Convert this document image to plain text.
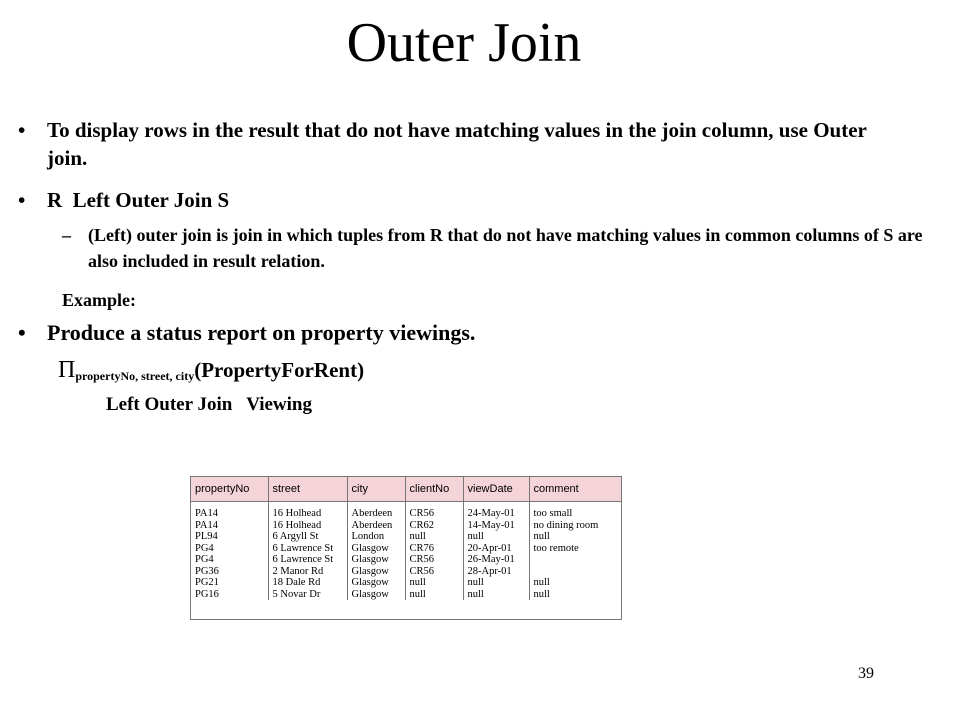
Outer Join
• To display rows in the result that do not have matching values in the join column, use Outer join.
• R  Left Outer Join S
– (Left) outer join is join in which tuples from R that do not have matching values in common columns of S are also included in result relation.
Example:
• Produce a status report on property viewings.
$\Pi_{propertyNo, street, city}(PropertyForRent)$
Left Outer Join   Viewing
propertyNo	street	city	clientNo	viewDate	comment
PA14	16 Holhead	Aberdeen	CR56	24-May-01	too small
PA14	16 Holhead	Aberdeen	CR62	14-May-01	no dining room
PL94	6 Argyll St	London	null	null	null
PG4	6 Lawrence St	Glasgow	CR76	20-Apr-01	too remote
PG4	6 Lawrence St	Glasgow	CR56	26-May-01	
PG36	2 Manor Rd	Glasgow	CR56	28-Apr-01	
PG21	18 Dale Rd	Glasgow	null	null	null
PG16	5 Novar Dr	Glasgow	null	null	null
39
